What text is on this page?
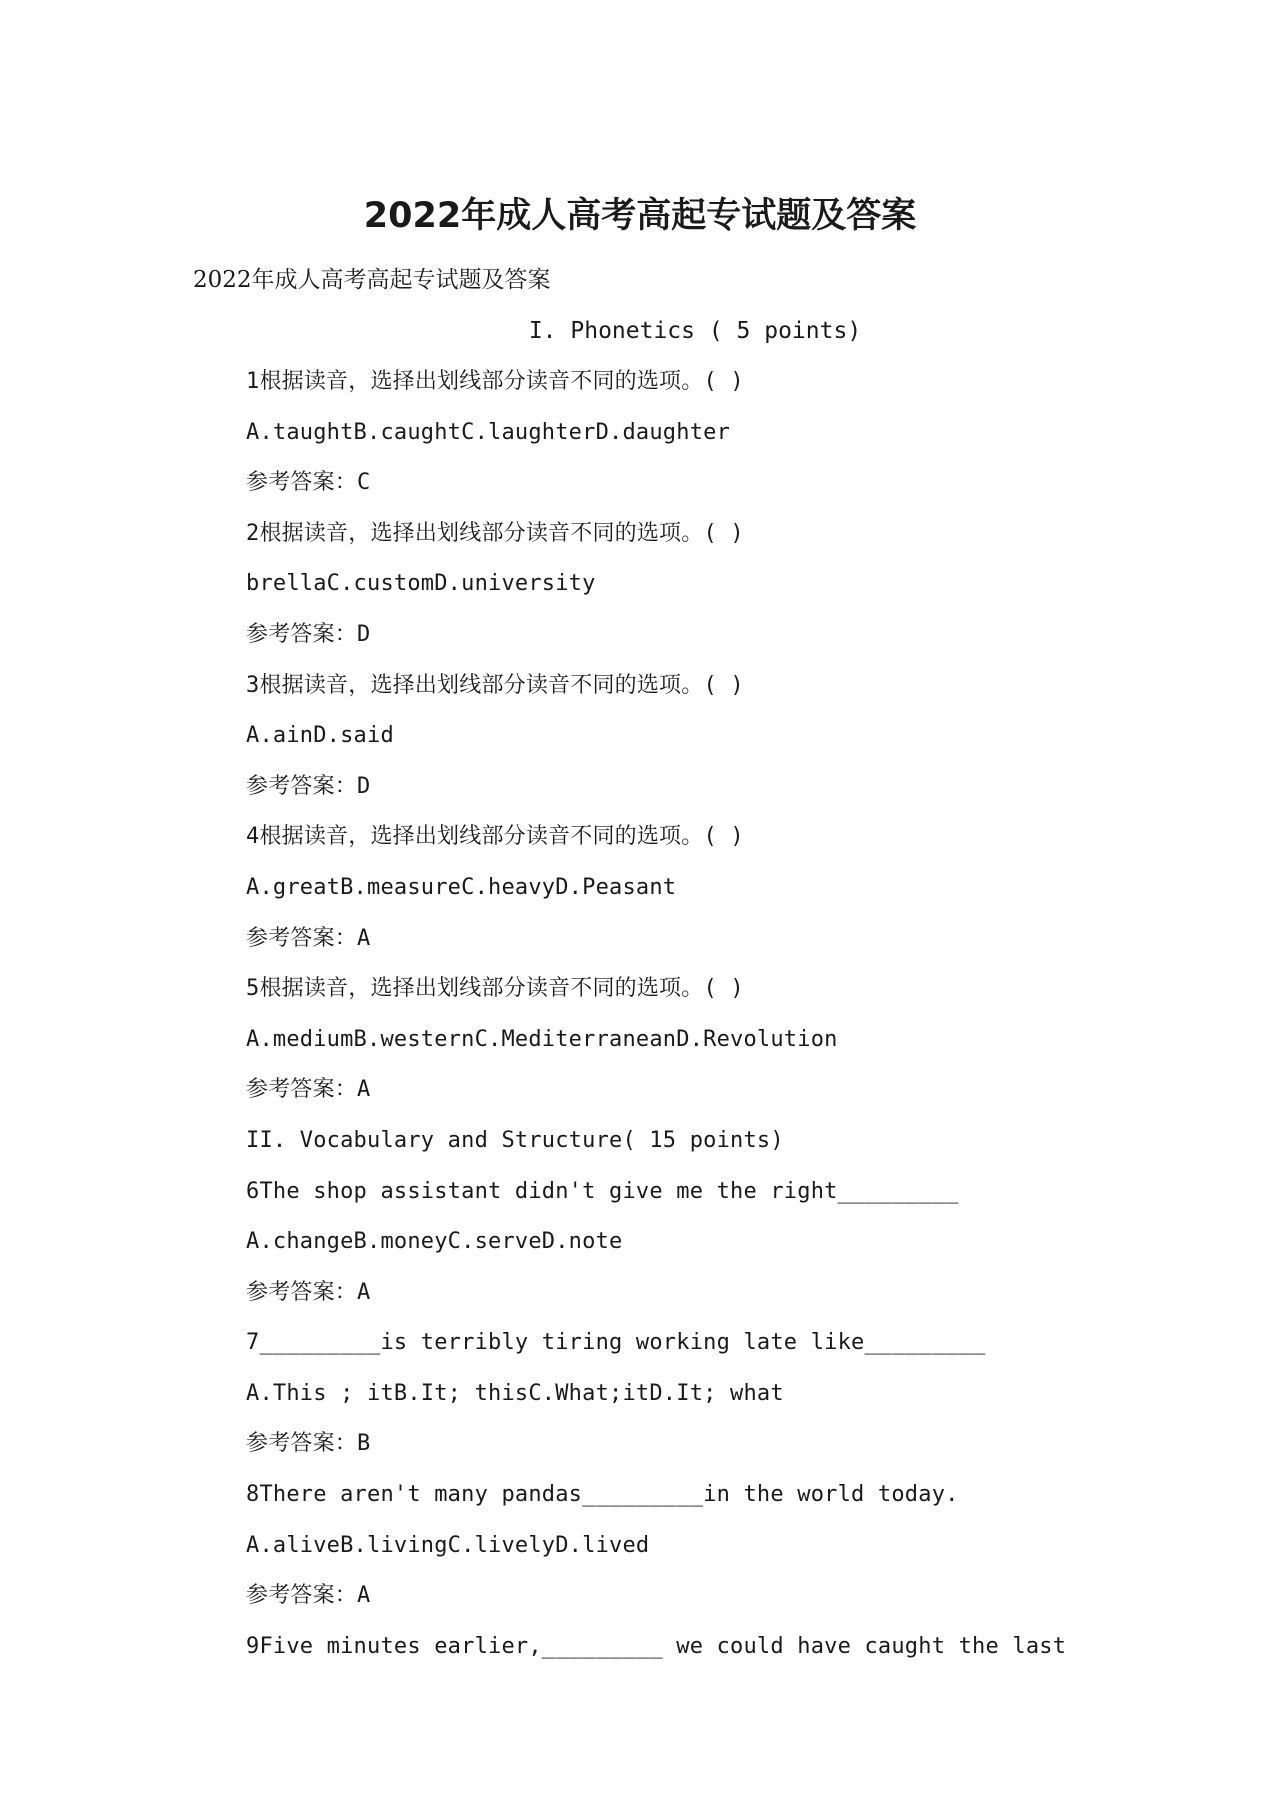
2022年成人高考高起专试题及答案
2022年成人高考高起专试题及答案
I. Phonetics ( 5 points)
1根据读音，选择出划线部分读音不同的选项。( )
A.taughtB.caughtC.laughterD.daughter
参考答案：C
2根据读音，选择出划线部分读音不同的选项。( )
brellaC.customD.university
参考答案：D
3根据读音，选择出划线部分读音不同的选项。( )
A.ainD.said
参考答案：D
4根据读音，选择出划线部分读音不同的选项。( )
A.greatB.measureC.heavyD.Peasant
参考答案：A
5根据读音，选择出划线部分读音不同的选项。( )
A.mediumB.westernC.MediterraneanD.Revolution
参考答案：A
II. Vocabulary and Structure( 15 points)
6The shop assistant didn't give me the right_________
A.changeB.moneyC.serveD.note
参考答案：A
7_________is terribly tiring working late like_________
A.This ; itB.It; thisC.What;itD.It; what
参考答案：B
8There aren't many pandas_________in the world today.
A.aliveB.livingC.livelyD.lived
参考答案：A
9Five minutes earlier,_________ we could have caught the last
